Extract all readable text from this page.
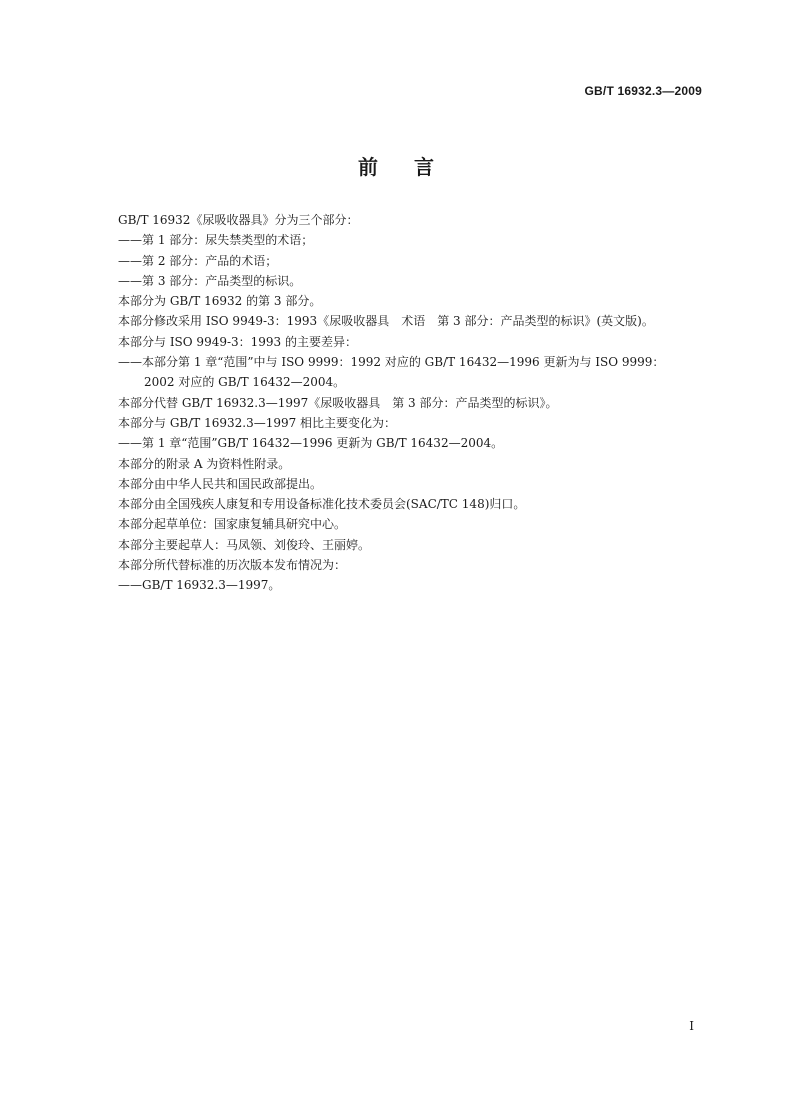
GB/T 16932.3—2009
前言
GB/T 16932《尿吸收器具》分为三个部分：
——第 1 部分：尿失禁类型的术语；
——第 2 部分：产品的术语；
——第 3 部分：产品类型的标识。
本部分为 GB/T 16932 的第 3 部分。
本部分修改采用 ISO 9949-3：1993《尿吸收器具　术语　第 3 部分：产品类型的标识》(英文版)。
本部分与 ISO 9949-3：1993 的主要差异：
——本部分第 1 章“范围”中与 ISO 9999：1992 对应的 GB/T 16432—1996 更新为与 ISO 9999：
2002 对应的 GB/T 16432—2004。
本部分代替 GB/T 16932.3—1997《尿吸收器具　第 3 部分：产品类型的标识》。
本部分与 GB/T 16932.3—1997 相比主要变化为：
——第 1 章“范围”GB/T 16432—1996 更新为 GB/T 16432—2004。
本部分的附录 A 为资料性附录。
本部分由中华人民共和国民政部提出。
本部分由全国残疾人康复和专用设备标准化技术委员会(SAC/TC 148)归口。
本部分起草单位：国家康复辅具研究中心。
本部分主要起草人：马凤领、刘俊玲、王丽婷。
本部分所代替标准的历次版本发布情况为：
——GB/T 16932.3—1997。
I
